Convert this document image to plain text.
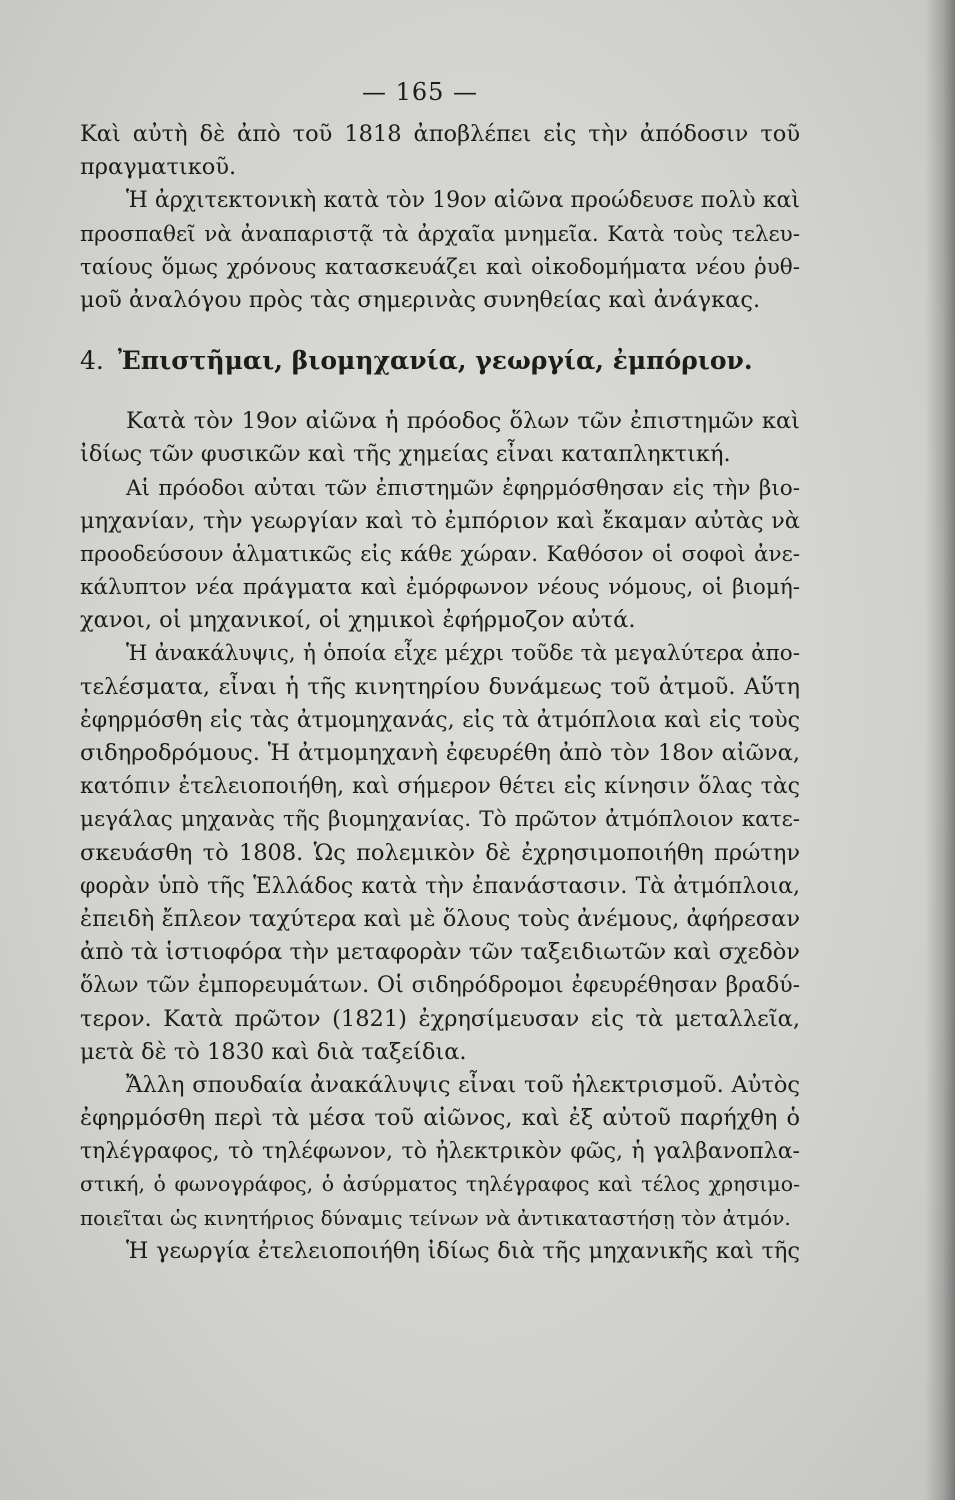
— 165 —
Καὶ αὐτὴ δὲ ἀπὸ τοῦ 1818 ἀποβλέπει εἰς τὴν ἀπόδοσιν τοῦ
πραγματικοῦ.
Ἡ ἀρχιτεκτονικὴ κατὰ τὸν 19ον αἰῶνα προώδευσε πολὺ καὶ
προσπαθεῖ νὰ ἀναπαριστᾷ τὰ ἀρχαῖα μνημεῖα. Κατὰ τοὺς τελευ-
ταίους ὅμως χρόνους κατασκευάζει καὶ οἰκοδομήματα νέου ῥυθ-
μοῦ ἀναλόγου πρὸς τὰς σημερινὰς συνηθείας καὶ ἀνάγκας.
4. Ἐπιστῆμαι, βιομηχανία, γεωργία, ἐμπόριον.
Κατὰ τὸν 19ον αἰῶνα ἡ πρόοδος ὅλων τῶν ἐπιστημῶν καὶ
ἰδίως τῶν φυσικῶν καὶ τῆς χημείας εἶναι καταπληκτική.
Αἱ πρόοδοι αὐται τῶν ἐπιστημῶν ἐφηρμόσθησαν εἰς τὴν βιο-
μηχανίαν, τὴν γεωργίαν καὶ τὸ ἐμπόριον καὶ ἔκαμαν αὐτὰς νὰ
προοδεύσουν ἁλματικῶς εἰς κάθε χώραν. Καθόσον οἱ σοφοὶ ἀνε-
κάλυπτον νέα πράγματα καὶ ἐμόρφωνον νέους νόμους, οἱ βιομή-
χανοι, οἱ μηχανικοί, οἱ χημικοὶ ἐφήρμοζον αὐτά.
Ἡ ἀνακάλυψις, ἡ ὁποία εἶχε μέχρι τοῦδε τὰ μεγαλύτερα ἀπο-
τελέσματα, εἶναι ἡ τῆς κινητηρίου δυνάμεως τοῦ ἀτμοῦ. Αὕτη
ἐφηρμόσθη εἰς τὰς ἀτμομηχανάς, εἰς τὰ ἀτμόπλοια καὶ εἰς τοὺς
σιδηροδρόμους. Ἡ ἀτμομηχανὴ ἐφευρέθη ἀπὸ τὸν 18ον αἰῶνα,
κατόπιν ἐτελειοποιήθη, καὶ σήμερον θέτει εἰς κίνησιν ὅλας τὰς
μεγάλας μηχανὰς τῆς βιομηχανίας. Τὸ πρῶτον ἀτμόπλοιον κατε-
σκευάσθη τὸ 1808. Ὡς πολεμικὸν δὲ ἐχρησιμοποιήθη πρώτην
φορὰν ὑπὸ τῆς Ἑλλάδος κατὰ τὴν ἐπανάστασιν. Τὰ ἀτμόπλοια,
ἐπειδὴ ἔπλεον ταχύτερα καὶ μὲ ὅλους τοὺς ἀνέμους, ἀφήρεσαν
ἀπὸ τὰ ἱστιοφόρα τὴν μεταφορὰν τῶν ταξειδιωτῶν καὶ σχεδὸν
ὅλων τῶν ἐμπορευμάτων. Οἱ σιδηρόδρομοι ἐφευρέθησαν βραδύ-
τερον. Κατὰ πρῶτον (1821) ἐχρησίμευσαν εἰς τὰ μεταλλεῖα,
μετὰ δὲ τὸ 1830 καὶ διὰ ταξείδια.
Ἄλλη σπουδαία ἀνακάλυψις εἶναι τοῦ ἠλεκτρισμοῦ. Αὐτὸς
ἐφηρμόσθη περὶ τὰ μέσα τοῦ αἰῶνος, καὶ ἐξ αὐτοῦ παρήχθη ὁ
τηλέγραφος, τὸ τηλέφωνον, τὸ ἠλεκτρικὸν φῶς, ἡ γαλβανοπλα-
στική, ὁ φωνογράφος, ὁ ἀσύρματος τηλέγραφος καὶ τέλος χρησιμο-
ποιεῖται ὡς κινητήριος δύναμις τείνων νὰ ἀντικαταστήσῃ τὸν ἀτμόν.
Ἡ γεωργία ἐτελειοποιήθη ἰδίως διὰ τῆς μηχανικῆς καὶ τῆς
